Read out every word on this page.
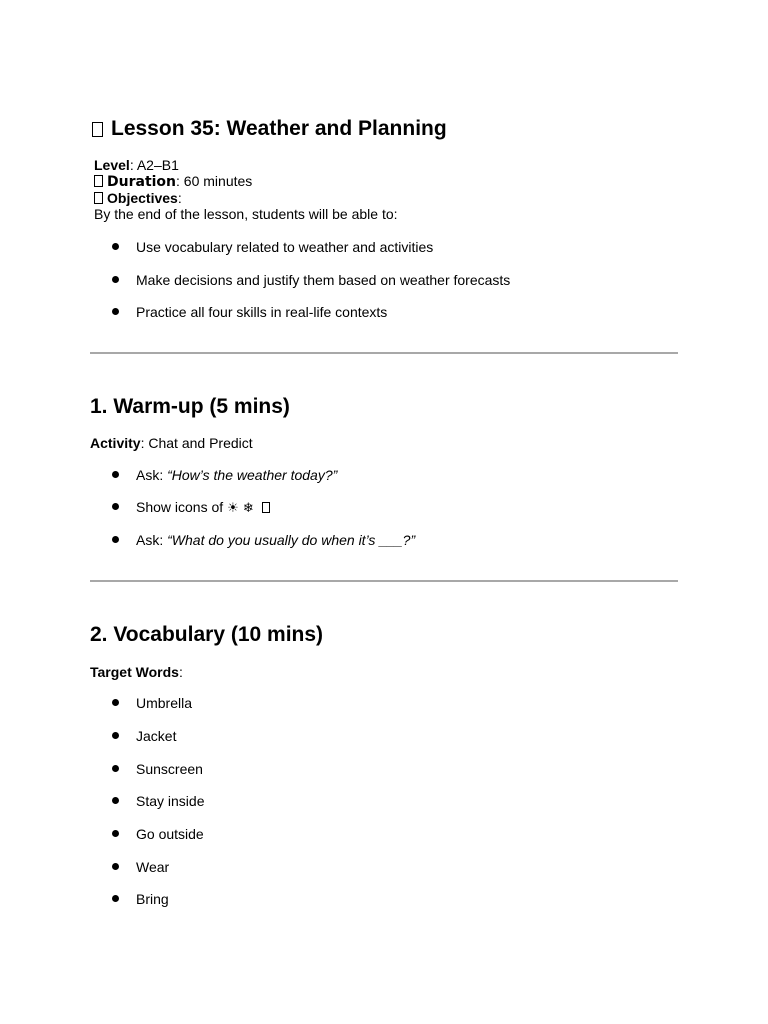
Lesson 35: Weather and Planning
Level: A2–B1
Duration: 60 minutes
Objectives:
By the end of the lesson, students will be able to:
Use vocabulary related to weather and activities
Make decisions and justify them based on weather forecasts
Practice all four skills in real-life contexts
1. Warm-up (5 mins)
Activity: Chat and Predict
Ask: “How’s the weather today?”
Show icons of ☀ ❄
Ask: “What do you usually do when it’s ___?”
2. Vocabulary (10 mins)
Target Words:
Umbrella
Jacket
Sunscreen
Stay inside
Go outside
Wear
Bring
